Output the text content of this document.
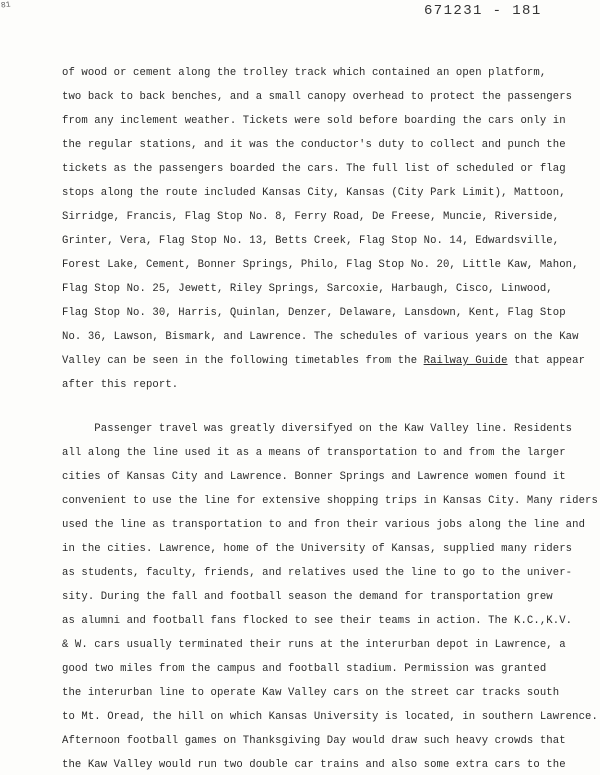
81	671231 - 181
of wood or cement along the trolley track which contained an open platform,
two back to back benches, and a small canopy overhead to protect the passengers
from any inclement weather. Tickets were sold before boarding the cars only in
the regular stations, and it was the conductor's duty to collect and punch the
tickets as the passengers boarded the cars. The full list of scheduled or flag
stops along the route included Kansas City, Kansas (City Park Limit), Mattoon,
Sirridge, Francis, Flag Stop No. 8, Ferry Road, De Freese, Muncie, Riverside,
Grinter, Vera, Flag Stop No. 13, Betts Creek, Flag Stop No. 14, Edwardsville,
Forest Lake, Cement, Bonner Springs, Philo, Flag Stop No. 20, Little Kaw, Mahon,
Flag Stop No. 25, Jewett, Riley Springs, Sarcoxie, Harbaugh, Cisco, Linwood,
Flag Stop No. 30, Harris, Quinlan, Denzer, Delaware, Lansdown, Kent, Flag Stop
No. 36, Lawson, Bismark, and Lawrence. The schedules of various years on the Kaw
Valley can be seen in the following timetables from the Railway Guide that appear
after this report.
Passenger travel was greatly diversifyed on the Kaw Valley line. Residents
all along the line used it as a means of transportation to and from the larger
cities of Kansas City and Lawrence. Bonner Springs and Lawrence women found it
convenient to use the line for extensive shopping trips in Kansas City. Many riders
used the line as transportation to and fron their various jobs along the line and
in the cities. Lawrence, home of the University of Kansas, supplied many riders
as students, faculty, friends, and relatives used the line to go to the univer-
sity. During the fall and football season the demand for transportation grew
as alumni and football fans flocked to see their teams in action. The K.C.,K.V.
& W. cars usually terminated their runs at the interurban depot in Lawrence, a
good two miles from the campus and football stadium. Permission was granted
the interurban line to operate Kaw Valley cars on the street car tracks south
to Mt. Oread, the hill on which Kansas University is located, in southern Lawrence.
Afternoon football games on Thanksgiving Day would draw such heavy crowds that
the Kaw Valley would run two double car trains and also some extra cars to the
